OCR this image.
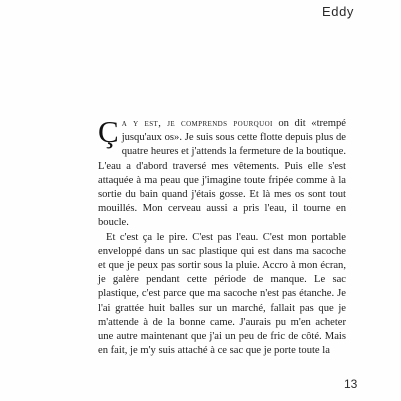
Eddy

Ça y est, je comprends pourquoi on dit «trempé jusqu'aux os». Je suis sous cette flotte depuis plus de quatre heures et j'attends la fermeture de la boutique. L'eau a d'abord traversé mes vêtements. Puis elle s'est attaquée à ma peau que j'imagine toute fripée comme à la sortie du bain quand j'étais gosse. Et là mes os sont tout mouillés. Mon cerveau aussi a pris l'eau, il tourne en boucle.

Et c'est ça le pire. C'est pas l'eau. C'est mon portable enveloppé dans un sac plastique qui est dans ma sacoche et que je peux pas sortir sous la pluie. Accro à mon écran, je galère pendant cette période de manque. Le sac plastique, c'est parce que ma sacoche n'est pas étanche. Je l'ai grattée huit balles sur un marché, fallait pas que je m'attende à de la bonne came. J'aurais pu m'en acheter une autre maintenant que j'ai un peu de fric de côté. Mais en fait, je m'y suis attaché à ce sac que je porte toute la

13
